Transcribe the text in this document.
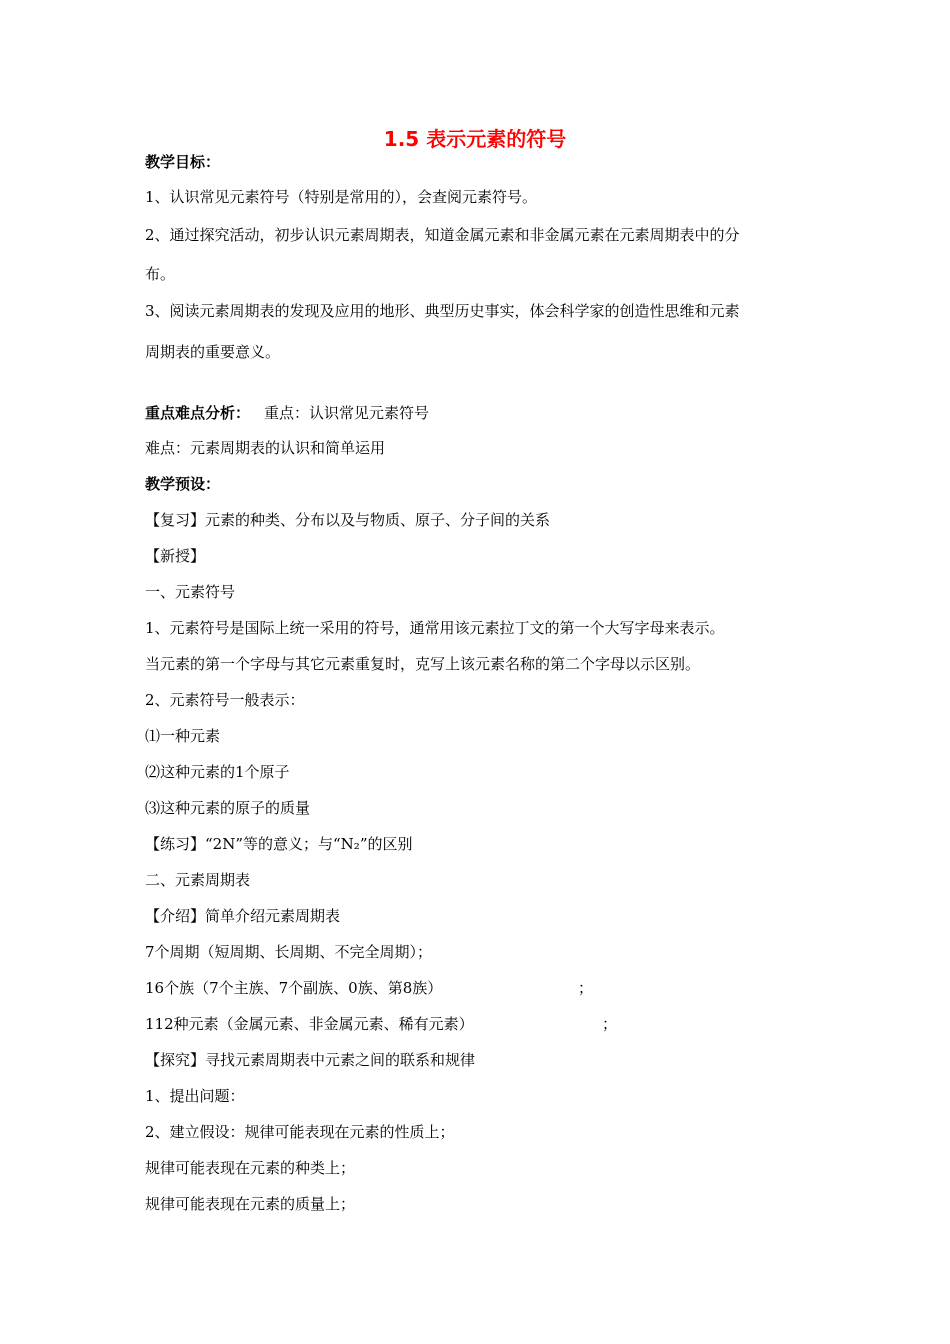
1.5 表示元素的符号
教学目标：
1、认识常见元素符号（特别是常用的），会查阅元素符号。
2、通过探究活动，初步认识元素周期表，知道金属元素和非金属元素在元素周期表中的分
布。
3、阅读元素周期表的发现及应用的地形、典型历史事实，体会科学家的创造性思维和元素
周期表的重要意义。
重点难点分析： 重点：认识常见元素符号
难点：元素周期表的认识和简单运用
教学预设：
【复习】元素的种类、分布以及与物质、原子、分子间的关系
【新授】
一、元素符号
1、元素符号是国际上统一采用的符号，通常用该元素拉丁文的第一个大写字母来表示。
当元素的第一个字母与其它元素重复时，克写上该元素名称的第二个字母以示区别。
2、元素符号一般表示：
⑴一种元素
⑵这种元素的1个原子
⑶这种元素的原子的质量
【练习】“2N”等的意义；与“N₂”的区别
二、元素周期表
【介绍】简单介绍元素周期表
7个周期（短周期、长周期、不完全周期）；
16个族（7个主族、7个副族、0族、第8族）	；
112种元素（金属元素、非金属元素、稀有元素）	；
【探究】寻找元素周期表中元素之间的联系和规律
1、提出问题：
2、建立假设：规律可能表现在元素的性质上；
规律可能表现在元素的种类上；
规律可能表现在元素的质量上；
